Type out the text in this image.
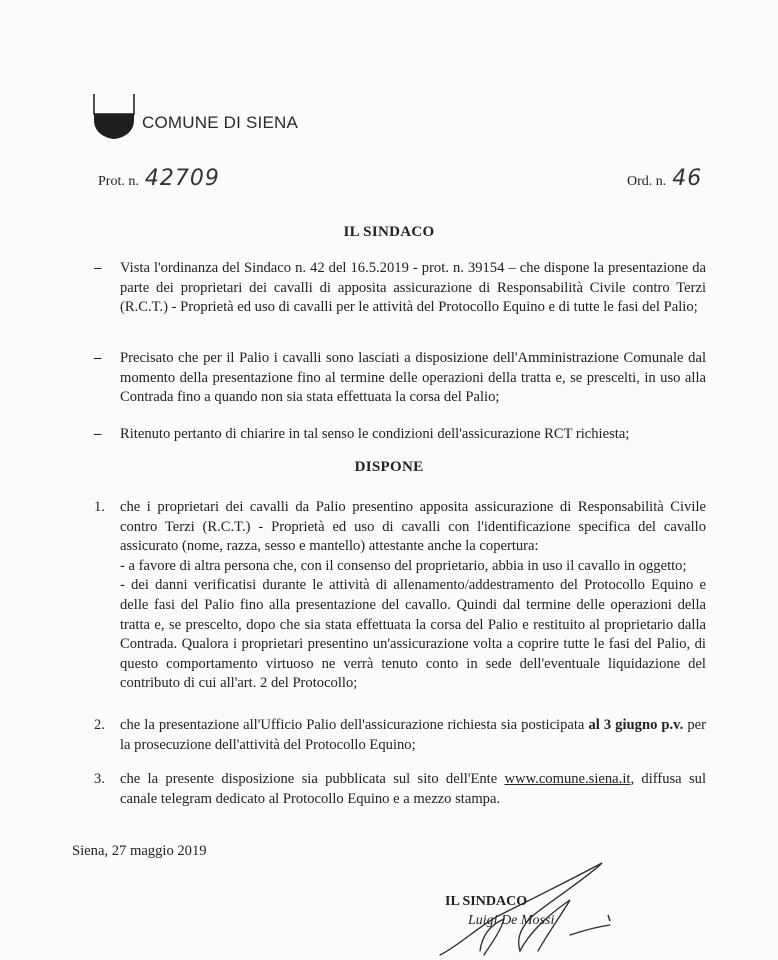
COMUNE DI SIENA
Prot. n. 42709	Ord. n. 46
IL SINDACO
– Vista l'ordinanza del Sindaco n. 42 del 16.5.2019 - prot. n. 39154 – che dispone la presentazione da parte dei proprietari dei cavalli di apposita assicurazione di Responsabilità Civile contro Terzi (R.C.T.) - Proprietà ed uso di cavalli per le attività del Protocollo Equino e di tutte le fasi del Palio;
– Precisato che per il Palio i cavalli sono lasciati a disposizione dell'Amministrazione Comunale dal momento della presentazione fino al termine delle operazioni della tratta e, se prescelti, in uso alla Contrada fino a quando non sia stata effettuata la corsa del Palio;
– Ritenuto pertanto di chiarire in tal senso le condizioni dell'assicurazione RCT richiesta;
DISPONE
1. che i proprietari dei cavalli da Palio presentino apposita assicurazione di Responsabilità Civile contro Terzi (R.C.T.) - Proprietà ed uso di cavalli con l'identificazione specifica del cavallo assicurato (nome, razza, sesso e mantello) attestante anche la copertura:
- a favore di altra persona che, con il consenso del proprietario, abbia in uso il cavallo in oggetto;
- dei danni verificatisi durante le attività di allenamento/addestramento del Protocollo Equino e delle fasi del Palio fino alla presentazione del cavallo. Quindi dal termine delle operazioni della tratta e, se prescelto, dopo che sia stata effettuata la corsa del Palio e restituito al proprietario dalla Contrada. Qualora i proprietari presentino un'assicurazione volta a coprire tutte le fasi del Palio, di questo comportamento virtuoso ne verrà tenuto conto in sede dell'eventuale liquidazione del contributo di cui all'art. 2 del Protocollo;
2. che la presentazione all'Ufficio Palio dell'assicurazione richiesta sia posticipata al 3 giugno p.v. per la prosecuzione dell'attività del Protocollo Equino;
3. che la presente disposizione sia pubblicata sul sito dell'Ente www.comune.siena.it, diffusa sul canale telegram dedicato al Protocollo Equino e a mezzo stampa.
Siena, 27 maggio 2019
IL SINDACO
Luigi De Mossi
